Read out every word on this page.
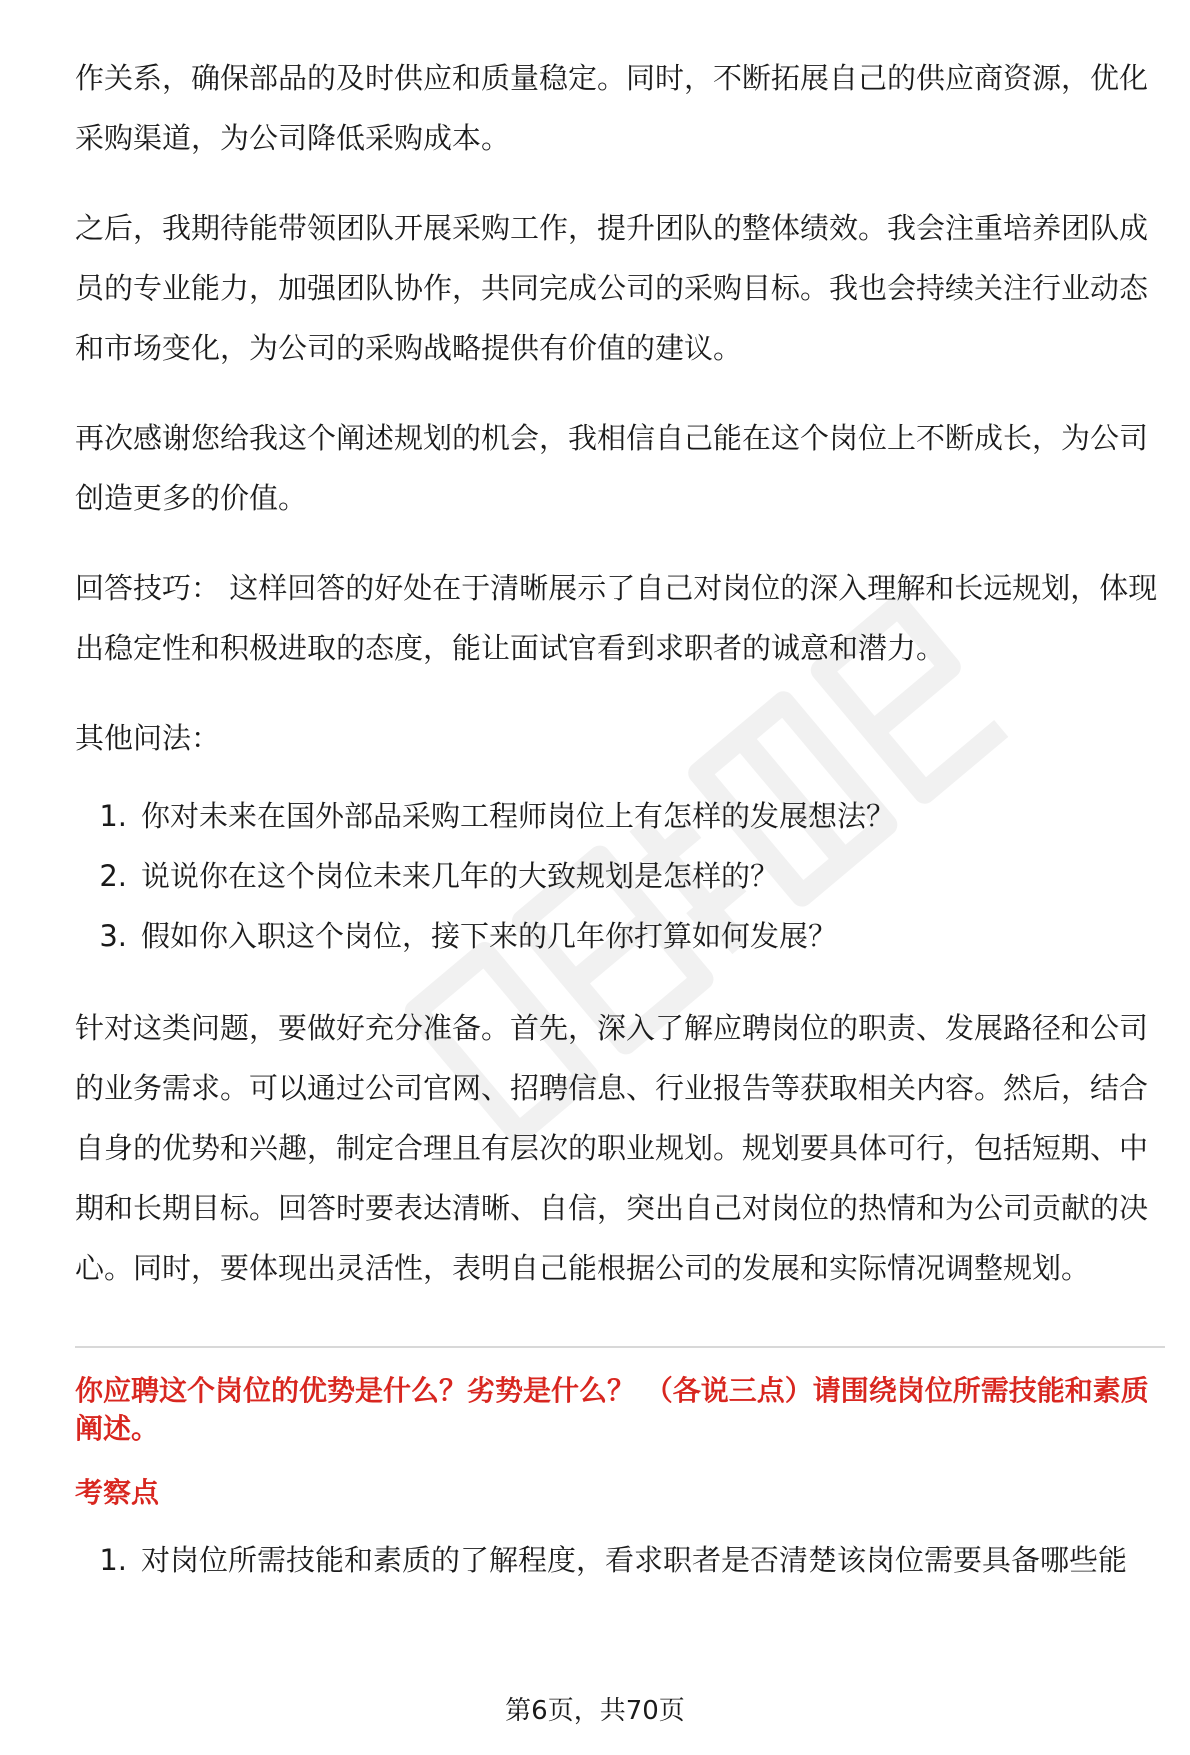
作关系，确保部品的及时供应和质量稳定。同时，不断拓展自己的供应商资源，优化采购渠道，为公司降低采购成本。

之后，我期待能带领团队开展采购工作，提升团队的整体绩效。我会注重培养团队成员的专业能力，加强团队协作，共同完成公司的采购目标。我也会持续关注行业动态和市场变化，为公司的采购战略提供有价值的建议。

再次感谢您给我这个阐述规划的机会，我相信自己能在这个岗位上不断成长，为公司创造更多的价值。

回答技巧： 这样回答的好处在于清晰展示了自己对岗位的深入理解和长远规划，体现出稳定性和积极进取的态度，能让面试官看到求职者的诚意和潜力。

其他问法：

1. 你对未来在国外部品采购工程师岗位上有怎样的发展想法？
2. 说说你在这个岗位未来几年的大致规划是怎样的？
3. 假如你入职这个岗位，接下来的几年你打算如何发展？

针对这类问题，要做好充分准备。首先，深入了解应聘岗位的职责、发展路径和公司的业务需求。可以通过公司官网、招聘信息、行业报告等获取相关内容。然后，结合自身的优势和兴趣，制定合理且有层次的职业规划。规划要具体可行，包括短期、中期和长期目标。回答时要表达清晰、自信，突出自己对岗位的热情和为公司贡献的决心。同时，要体现出灵活性，表明自己能根据公司的发展和实际情况调整规划。

你应聘这个岗位的优势是什么？劣势是什么？ （各说三点）请围绕岗位所需技能和素质阐述。
考察点
1. 对岗位所需技能和素质的了解程度，看求职者是否清楚该岗位需要具备哪些能
第6页，共70页
